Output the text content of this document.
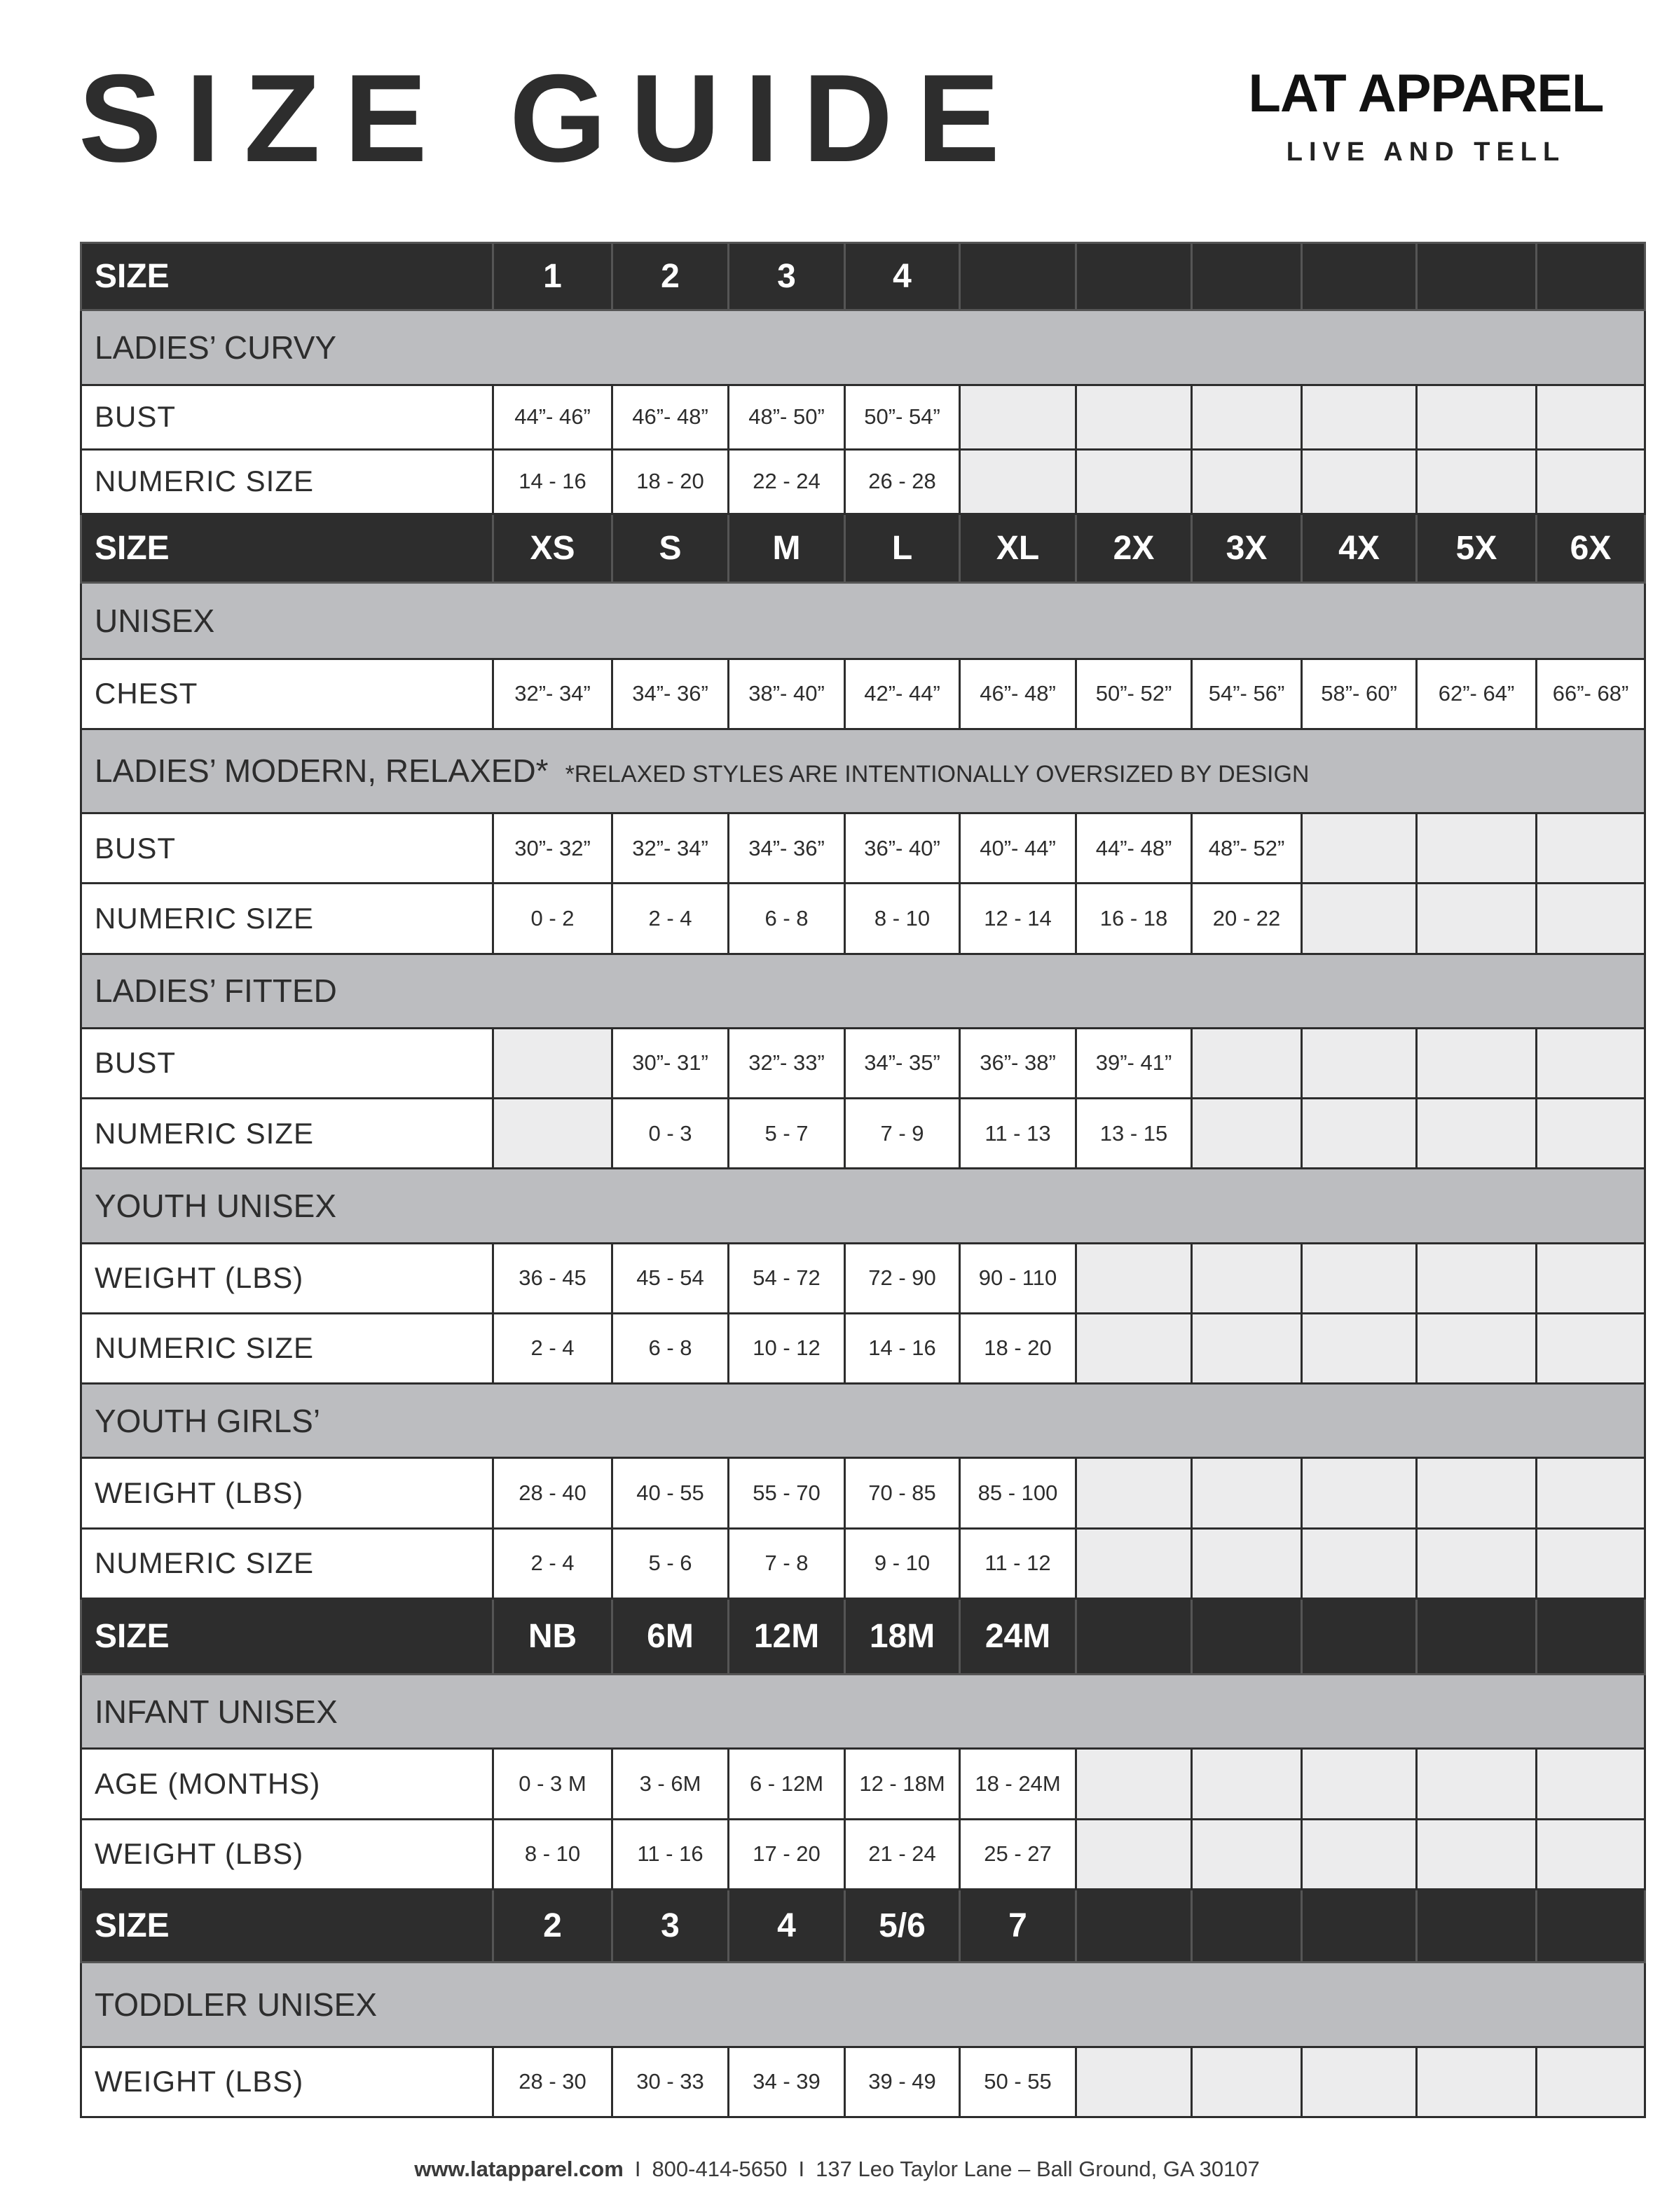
SIZE GUIDE	LAT APPAREL
LIVE AND TELL
SIZE	1	2	3	4						
LADIES’ CURVY										
BUST	44”- 46”	46”- 48”	48”- 50”	50”- 54”						
NUMERIC SIZE	14 - 16	18 - 20	22 - 24	26 - 28						
SIZE	XS	S	M	L	XL	2X	3X	4X	5X	6X
UNISEX										
CHEST	32”- 34”	34”- 36”	38”- 40”	42”- 44”	46”- 48”	50”- 52”	54”- 56”	58”- 60”	62”- 64”	66”- 68”
LADIES’ MODERN, RELAXED* *RELAXED STYLES ARE INTENTIONALLY OVERSIZED BY DESIGN										
BUST	30”- 32”	32”- 34”	34”- 36”	36”- 40”	40”- 44”	44”- 48”	48”- 52”			
NUMERIC SIZE	0 - 2	2 - 4	6 - 8	8 - 10	12 - 14	16 - 18	20 - 22			
LADIES’ FITTED										
BUST		30”- 31”	32”- 33”	34”- 35”	36”- 38”	39”- 41”				
NUMERIC SIZE		0 - 3	5 - 7	7 - 9	11 - 13	13 - 15				
YOUTH UNISEX										
WEIGHT (LBS)	36 - 45	45 - 54	54 - 72	72 - 90	90 - 110					
NUMERIC SIZE	2 - 4	6 - 8	10 - 12	14 - 16	18 - 20					
YOUTH GIRLS’										
WEIGHT (LBS)	28 - 40	40 - 55	55 - 70	70 - 85	85 - 100					
NUMERIC SIZE	2 - 4	5 - 6	7 - 8	9 - 10	11 - 12					
SIZE	NB	6M	12M	18M	24M					
INFANT UNISEX										
AGE (MONTHS)	0 - 3 M	3 - 6M	6 - 12M	12 - 18M	18 - 24M					
WEIGHT (LBS)	8 - 10	11 - 16	17 - 20	21 - 24	25 - 27					
SIZE	2	3	4	5/6	7					
TODDLER UNISEX										
WEIGHT (LBS)	28 - 30	30 - 33	34 - 39	39 - 49	50 - 55					
www.latapparel.com I 800-414-5650 I 137 Leo Taylor Lane – Ball Ground, GA 30107
